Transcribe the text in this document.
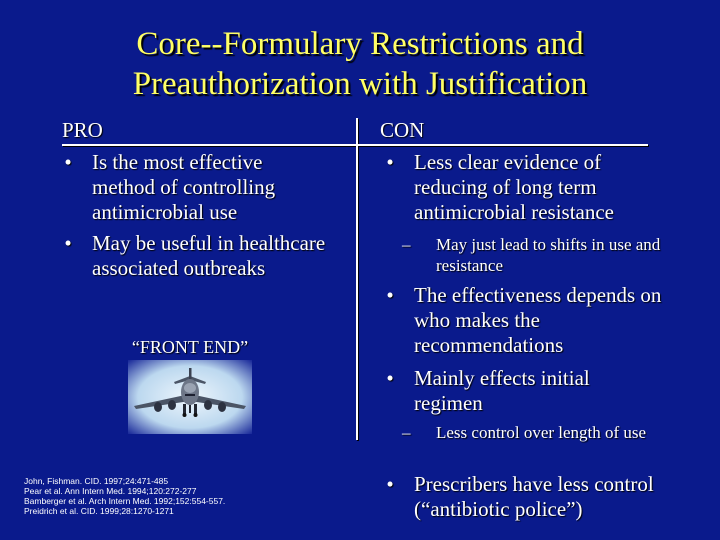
Core--Formulary Restrictions and
Preauthorization with Justification
PRO
• Is the most effective method of controlling antimicrobial use
• May be useful in healthcare associated outbreaks
“FRONT END”
John, Fishman. CID. 1997;24:471-485
Pear et al. Ann Intern Med. 1994;120:272-277
Bamberger et al. Arch Intern Med. 1992;152:554-557.
Preidrich et al. CID. 1999;28:1270-1271
CON
• Less clear evidence of reducing of long term antimicrobial resistance
– May just lead to shifts in use and resistance
• The effectiveness depends on who makes the recommendations
• Mainly effects initial regimen
– Less control over length of use
• Prescribers have less control (“antibiotic police”)
